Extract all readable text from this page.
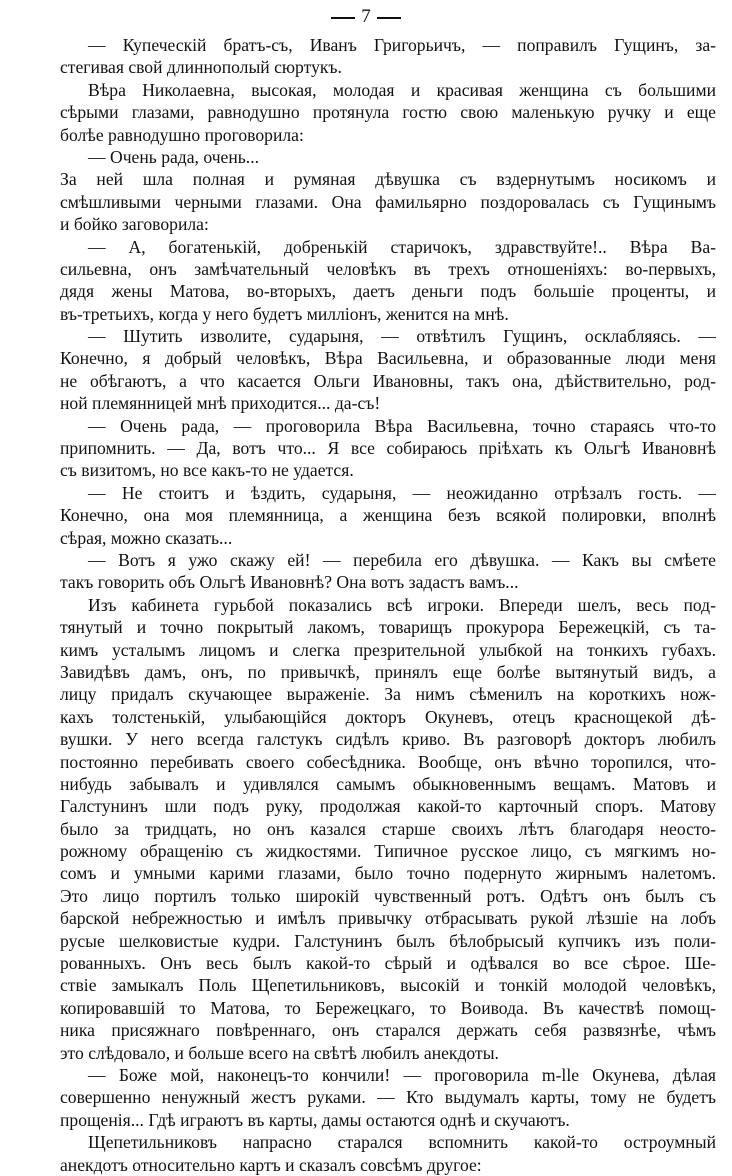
7
— Купеческій братъ-съ, Иванъ Григорьичъ, — поправилъ Гущинъ, за-
стегивая свой длиннополый сюртукъ.
Вѣра Николаевна, высокая, молодая и красивая женщина съ большими
сѣрыми глазами, равнодушно протянула гостю свою маленькую ручку и еще
болѣе равнодушно проговорила:
— Очень рада, очень...
За ней шла полная и румяная дѣвушка съ вздернутымъ носикомъ и
смѣшливыми черными глазами. Она фамильярно поздоровалась съ Гущинымъ
и бойко заговорила:
— А, богатенькій, добренькій старичокъ, здравствуйте!.. Вѣра Ва-
сильевна, онъ замѣчательный человѣкъ въ трехъ отношеніяхъ: во-первыхъ,
дядя жены Матова, во-вторыхъ, даетъ деньги подъ большіе проценты, и
въ-третьихъ, когда у него будетъ милліонъ, женится на мнѣ.
— Шутить изволите, сударыня, — отвѣтилъ Гущинъ, осклабляясь. —
Конечно, я добрый человѣкъ, Вѣра Васильевна, и образованные люди меня
не обѣгаютъ, а что касается Ольги Ивановны, такъ она, дѣйствительно, род-
ной племянницей мнѣ приходится... да-съ!
— Очень рада, — проговорила Вѣра Васильевна, точно стараясь что-то
припомнить. — Да, вотъ что... Я все собираюсь пріѣхать къ Ольгѣ Ивановнѣ
съ визитомъ, но все какъ-то не удается.
— Не стоитъ и ѣздить, сударыня, — неожиданно отрѣзалъ гость. —
Конечно, она моя племянница, а женщина безъ всякой полировки, вполнѣ
сѣрая, можно сказать...
— Вотъ я ужо скажу ей! — перебила его дѣвушка. — Какъ вы смѣете
такъ говорить объ Ольгѣ Ивановнѣ? Она вотъ задастъ вамъ...
Изъ кабинета гурьбой показались всѣ игроки. Впереди шелъ, весь под-
тянутый и точно покрытый лакомъ, товарищъ прокурора Бережецкій, съ та-
кимъ усталымъ лицомъ и слегка презрительной улыбкой на тонкихъ губахъ.
Завидѣвъ дамъ, онъ, по привычкѣ, принялъ еще болѣе вытянутый видъ, а
лицу придалъ скучающее выраженіе. За нимъ сѣменилъ на короткихъ нож-
кахъ толстенькій, улыбающійся докторъ Окуневъ, отецъ краснощекой дѣ-
вушки. У него всегда галстукъ сидѣлъ криво. Въ разговорѣ докторъ любилъ
постоянно перебивать своего собесѣдника. Вообще, онъ вѣчно торопился, что-
нибудь забывалъ и удивлялся самымъ обыкновеннымъ вещамъ. Матовъ и
Галстунинъ шли подъ руку, продолжая какой-то карточный споръ. Матову
было за тридцать, но онъ казался старше своихъ лѣтъ благодаря неосто-
рожному обращенію съ жидкостями. Типичное русское лицо, съ мягкимъ но-
сомъ и умными карими глазами, было точно подернуто жирнымъ налетомъ.
Это лицо портилъ только широкій чувственный ротъ. Одѣтъ онъ былъ съ
барской небрежностью и имѣлъ привычку отбрасывать рукой лѣзшіе на лобъ
русые шелковистые кудри. Галстунинъ былъ бѣлобрысый купчикъ изъ поли-
рованныхъ. Онъ весь былъ какой-то сѣрый и одѣвался во все сѣрое. Ше-
ствіе замыкалъ Поль Щепетильниковъ, высокій и тонкій молодой человѣкъ,
копировавшій то Матова, то Бережецкаго, то Воивода. Въ качествѣ помощ-
ника присяжнаго повѣреннаго, онъ старался держать себя развязнѣе, чѣмъ
это слѣдовало, и больше всего на свѣтѣ любилъ анекдоты.
— Боже мой, наконецъ-то кончили! — проговорила m-lle Окунева, дѣлая
совершенно ненужный жестъ руками. — Кто выдумалъ карты, тому не будетъ
прощенія... Гдѣ играютъ въ карты, дамы остаются однѣ и скучаютъ.
Щепетильниковъ напрасно старался вспомнить какой-то остроумный
анекдотъ относительно картъ и сказалъ совсѣмъ другое:
